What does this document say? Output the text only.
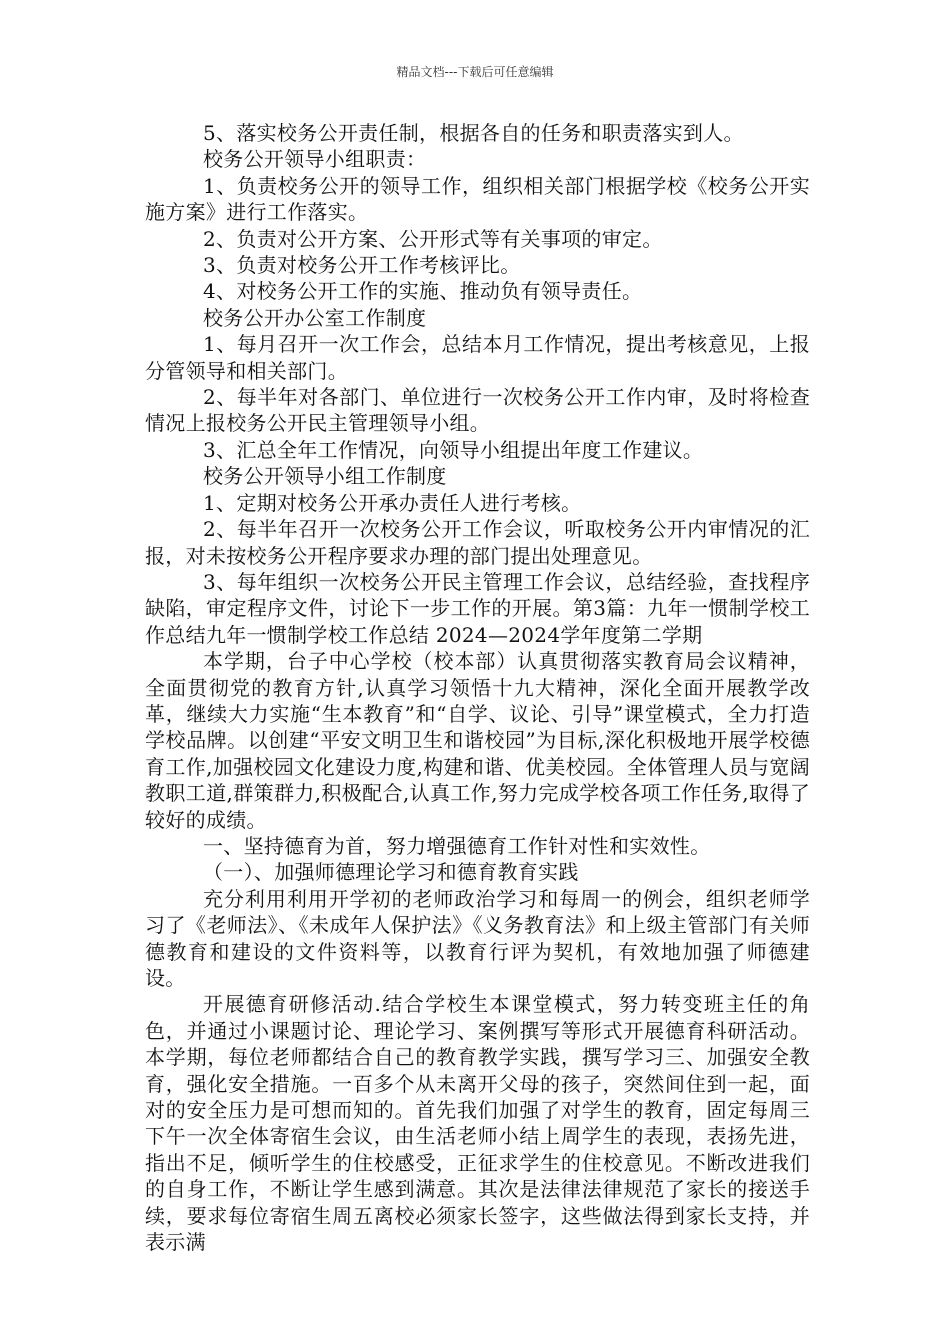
精品文档---下载后可任意编辑

5、落实校务公开责任制，根据各自的任务和职责落实到人。

校务公开领导小组职责：

1、负责校务公开的领导工作，组织相关部门根据学校《校务公开实施方案》进行工作落实。

2、负责对公开方案、公开形式等有关事项的审定。

3、负责对校务公开工作考核评比。

4、对校务公开工作的实施、推动负有领导责任。

校务公开办公室工作制度

1、每月召开一次工作会，总结本月工作情况，提出考核意见，上报分管领导和相关部门。

2、每半年对各部门、单位进行一次校务公开工作内审，及时将检查情况上报校务公开民主管理领导小组。

3、汇总全年工作情况，向领导小组提出年度工作建议。

校务公开领导小组工作制度

1、定期对校务公开承办责任人进行考核。

2、每半年召开一次校务公开工作会议，听取校务公开内审情况的汇报，对未按校务公开程序要求办理的部门提出处理意见。

3、每年组织一次校务公开民主管理工作会议，总结经验，查找程序缺陷，审定程序文件，讨论下一步工作的开展。第3篇：九年一惯制学校工作总结九年一惯制学校工作总结 2024—2024学年度第二学期

本学期，台子中心学校（校本部）认真贯彻落实教育局会议精神，全面贯彻党的教育方针,认真学习领悟十九大精神，深化全面开展教学改革，继续大力实施“生本教育”和“自学、议论、引导”课堂模式，全力打造学校品牌。以创建“平安文明卫生和谐校园”为目标,深化积极地开展学校德育工作,加强校园文化建设力度,构建和谐、优美校园。全体管理人员与宽阔教职工道,群策群力,积极配合,认真工作,努力完成学校各项工作任务,取得了较好的成绩。

一、坚持德育为首，努力增强德育工作针对性和实效性。

（一）、加强师德理论学习和德育教育实践

充分利用利用开学初的老师政治学习和每周一的例会，组织老师学习了《老师法》、《未成年人保护法》《义务教育法》和上级主管部门有关师德教育和建设的文件资料等，以教育行评为契机，有效地加强了师德建设。

开展德育研修活动.结合学校生本课堂模式，努力转变班主任的角色，并通过小课题讨论、理论学习、案例撰写等形式开展德育科研活动。本学期，每位老师都结合自己的教育教学实践，撰写学习三、加强安全教育，强化安全措施。一百多个从未离开父母的孩子，突然间住到一起，面对的安全压力是可想而知的。首先我们加强了对学生的教育，固定每周三下午一次全体寄宿生会议，由生活老师小结上周学生的表现，表扬先进，指出不足，倾听学生的住校感受，正征求学生的住校意见。不断改进我们的自身工作，不断让学生感到满意。其次是法律法律规范了家长的接送手续，要求每位寄宿生周五离校必须家长签字，这些做法得到家长支持，并表示满
